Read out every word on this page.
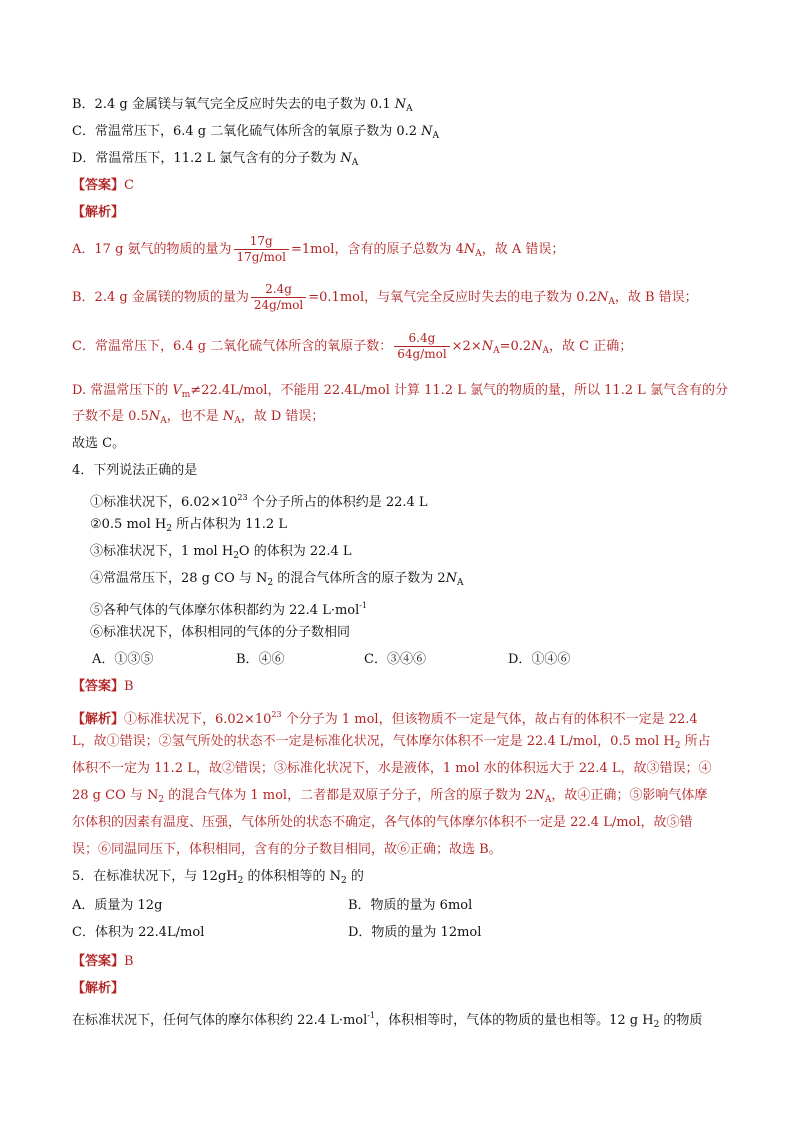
B．2.4 g 金属镁与氧气完全反应时失去的电子数为 0.1 $N_A$
C．常温常压下，6.4 g 二氧化硫气体所含的氧原子数为 0.2 $N_A$
D．常温常压下，11.2 L 氯气含有的分子数为 $N_A$
【答案】C
【解析】
A．17 g 氨气的物质的量为 $\frac{17g}{\text{17g/mol}} =1mol$，含有的原子总数为 $4N_A$，故 A 错误；
B．2.4 g 金属镁的物质的量为 $\frac{2.4g}{\text{24g/mol}} =0.1mol$，与氧气完全反应时失去的电子数为 $0.2N_A$，故 B 错误；
C．常温常压下，6.4 g 二氧化硫气体所含的氧原子数： $\frac{6.4g}{\text{64g/mol}} \times 2\times N_A=0.2N_A$，故 C 正确；
D. 常温常压下的 $V_m\ne 22.4L$/mol，不能用 22.4L/mol 计算 11.2 L 氯气的物质的量，所以 11.2 L 氯气含有的分
子数不是 $0.5N_A$，也不是 $N_A$，故 D 错误；
故选 C。
4．下列说法正确的是
①标准状况下，$6.02\times 10^{23}$ 个分子所占的体积约是 22.4 L
②0.5 mol $H_2$ 所占体积为 11.2 L
③标准状况下，1 mol $H_2O$ 的体积为 22.4 L
④常温常压下，28 g CO 与 $N_2$ 的混合气体所含的原子数为 $2N_A$
⑤各种气体的气体摩尔体积都约为 22.4 L·mol$^{-1}$
⑥标准状况下，体积相同的气体的分子数相同
A．①③⑤	B．④⑥	C．③④⑥	D．①④⑥
【答案】B
【解析】①标准状况下，$6.02\times 10^{23}$ 个分子为 1 mol，但该物质不一定是气体，故占有的体积不一定是 22.4
L，故①错误；②氢气所处的状态不一定是标准化状况，气体摩尔体积不一定是 22.4 L/mol，0.5 mol $H_2$ 所占
体积不一定为 11.2 L，故②错误；③标准化状况下，水是液体，1 mol 水的体积远大于 22.4 L，故③错误；④
28 g CO 与 $N_2$ 的混合气体为 1 mol，二者都是双原子分子，所含的原子数为 $2N_A$，故④正确；⑤影响气体摩
尔体积的因素有温度、压强，气体所处的状态不确定，各气体的气体摩尔体积不一定是 22.4 L/mol，故⑤错
误；⑥同温同压下，体积相同，含有的分子数目相同，故⑥正确；故选 B。
5．在标准状况下，与 $12gH_2$ 的体积相等的 $N_2$ 的
A．质量为 12g	B．物质的量为 6mol
C．体积为 22.4L/mol	D．物质的量为 12mol
【答案】B
【解析】
在标准状况下，任何气体的摩尔体积约 22.4 L·mol$^{-1}$，体积相等时，气体的物质的量也相等。12 g $H_2$ 的物质
